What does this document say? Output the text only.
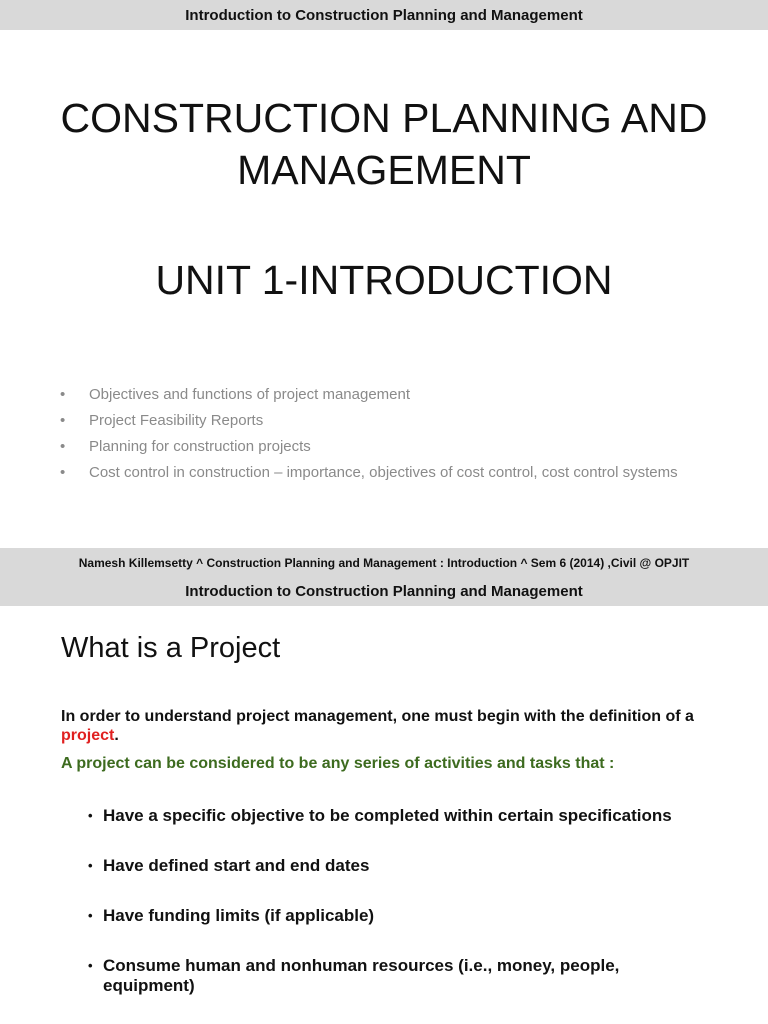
Introduction to Construction Planning and Management
CONSTRUCTION PLANNING AND
MANAGEMENT
UNIT 1-INTRODUCTION
• Objectives and functions of project management
• Project Feasibility Reports
• Planning for construction projects
• Cost control in construction – importance, objectives of cost control, cost control systems
Namesh Killemsetty ^ Construction Planning and Management : Introduction ^ Sem 6 (2014) ,Civil @ OPJIT
Introduction to Construction Planning and Management
What is a Project
In order to understand project management, one must begin with the definition of a project.
A project can be considered to be any series of activities and tasks that :
• Have a specific objective to be completed within certain specifications
• Have defined start and end dates
• Have funding limits (if applicable)
• Consume human and nonhuman resources (i.e., money, people, equipment)
